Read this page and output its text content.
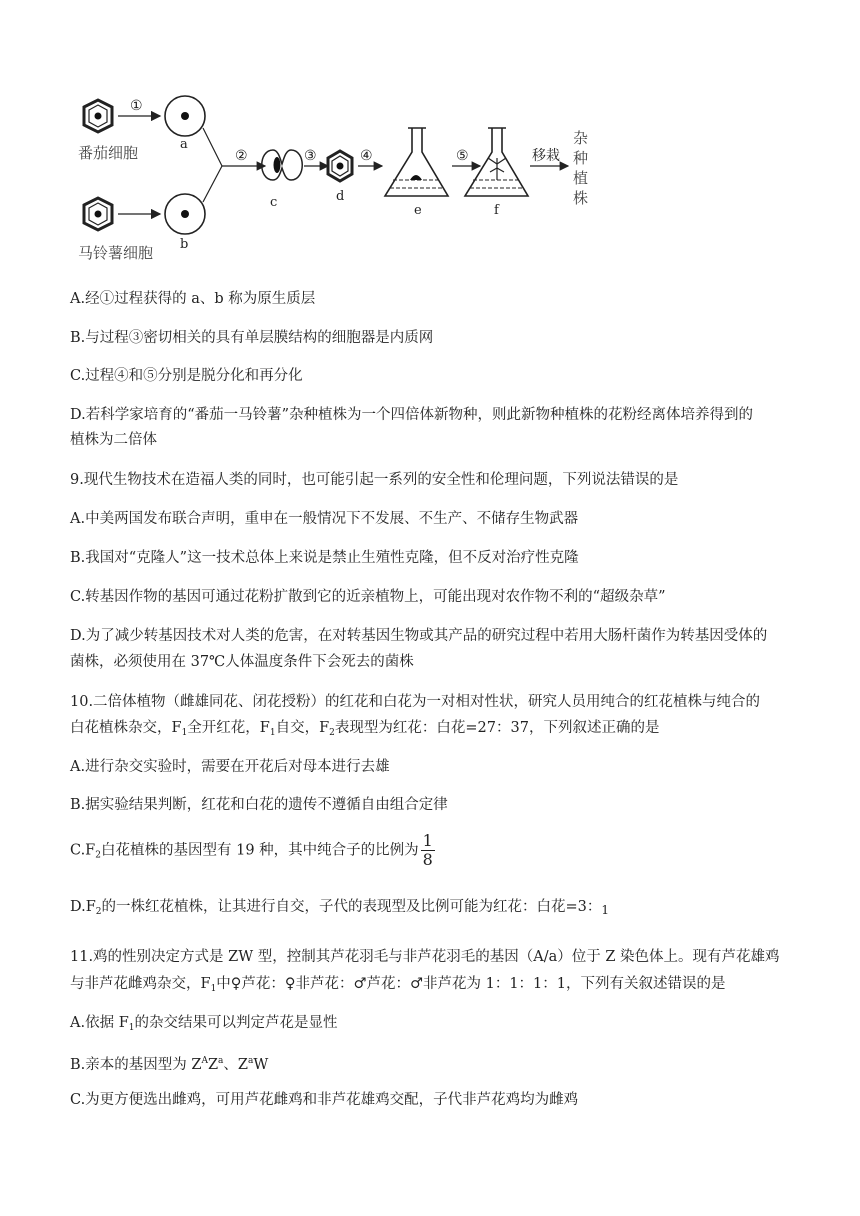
番茄细胞
马铃薯细胞
①
a
b
②
c
③
d
④
e
⑤
f
移栽
杂
种
植
株
A.经①过程获得的 a、b 称为原生质层
B.与过程③密切相关的具有单层膜结构的细胞器是内质网
C.过程④和⑤分别是脱分化和再分化
D.若科学家培育的“番茄一马铃薯”杂种植株为一个四倍体新物种，则此新物种植株的花粉经离体培养得到的
植株为二倍体
9.现代生物技术在造福人类的同时，也可能引起一系列的安全性和伦理问题，下列说法错误的是
A.中美两国发布联合声明，重申在一般情况下不发展、不生产、不储存生物武器
B.我国对“克隆人”这一技术总体上来说是禁止生殖性克隆，但不反对治疗性克隆
C.转基因作物的基因可通过花粉扩散到它的近亲植物上，可能出现对农作物不利的“超级杂草”
D.为了减少转基因技术对人类的危害，在对转基因生物或其产品的研究过程中若用大肠杆菌作为转基因受体的
菌株，必须使用在 37℃人体温度条件下会死去的菌株
10.二倍体植物（雌雄同花、闭花授粉）的红花和白花为一对相对性状，研究人员用纯合的红花植株与纯合的
白花植株杂交，$F_1$全开红花，$F_1$自交，$F_2$表现型为红花：白花=27：37，下列叙述正确的是
A.进行杂交实验时，需要在开花后对母本进行去雄
B.据实验结果判断，红花和白花的遗传不遵循自由组合定律
$C.F_2$白花植株的基因型有 19 种，其中纯合子的比例为 $\frac{1}{8}$
$D.F_2$的一株红花植株，让其进行自交，子代的表现型及比例可能为红花：白花=3：$_1$
11.鸡的性别决定方式是 ZW 型，控制其芦花羽毛与非芦花羽毛的基因（A/a）位于 Z 染色体上。现有芦花雄鸡
与非芦花雌鸡杂交，$F_1$中♀芦花：♀非芦花：♂芦花：♂非芦花为 1：1：1：1，下列有关叙述错误的是
A.依据 $F_1$的杂交结果可以判定芦花是显性
B.亲本的基因型为 $Z^AZ^a$、$Z^aW$
C.为更方便选出雌鸡，可用芦花雌鸡和非芦花雄鸡交配，子代非芦花鸡均为雌鸡
